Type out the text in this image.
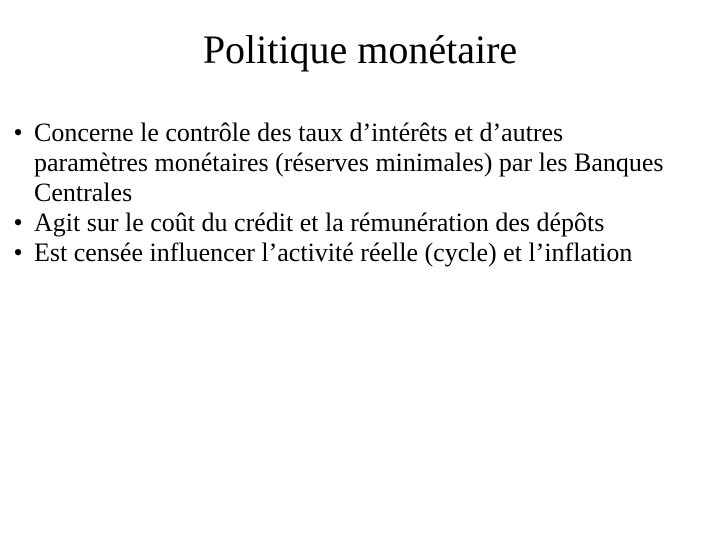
Politique monétaire
• Concerne le contrôle des taux d’intérêts et d’autres paramètres monétaires (réserves minimales) par les Banques Centrales
• Agit sur le coût du crédit et la rémunération des dépôts
• Est censée influencer l’activité réelle (cycle) et l’inflation
